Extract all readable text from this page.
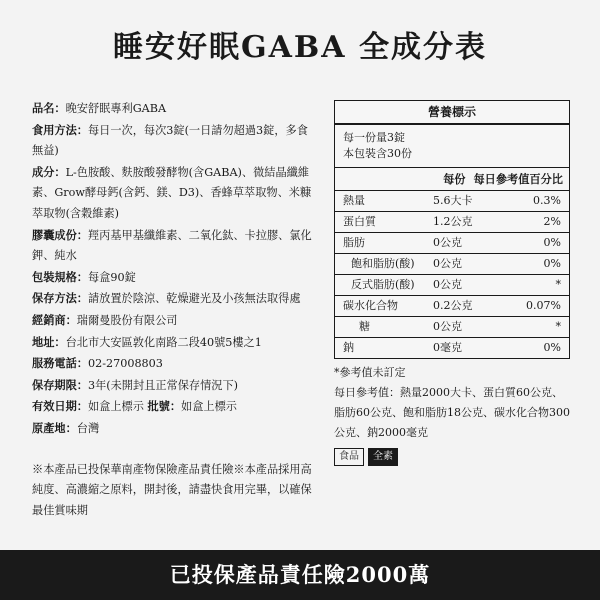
睡安好眠GABA 全成分表
品名：晚安舒眠專利GABA
食用方法：每日一次，每次3錠(一日請勿超過3錠，多食無益)
成分：L-色胺酸、麩胺酸發酵物(含GABA)、微結晶纖維素、Grow酵母鈣(含鈣、鎂、D3)、香蜂草萃取物、米糠萃取物(含穀維素)
膠囊成份：羥丙基甲基纖維素、二氧化鈦、卡拉膠、氯化鉀、純水
包裝規格：每盒90錠
保存方法：請放置於陰涼、乾燥避光及小孩無法取得處
經銷商：瑞爾曼股份有限公司
地址：台北市大安區敦化南路二段40號5樓之1
服務電話：02-27008803
保存期限：3年(未開封且正常保存情況下)
有效日期：如盒上標示 批號：如盒上標示
原產地：台灣
※本產品已投保華南產物保險產品責任險※本產品採用高純度、高濃縮之原料，開封後，請盡快食用完畢，以確保最佳賞味期
營養標示
每一份量3錠
本包裝含30份
每份 每日參考值百分比
熱量	5.6大卡	0.3%
蛋白質	1.2公克	2%
脂肪	0公克	0%
飽和脂肪(酸)	0公克	0%
反式脂肪(酸)	0公克	*
碳水化合物	0.2公克	0.07%
糖	0公克	*
鈉	0毫克	0%
*參考值未訂定
每日參考值：熱量2000大卡、蛋白質60公克、脂肪60公克、飽和脂肪18公克、碳水化合物300公克、鈉2000毫克
食品	全素
已投保產品責任險2000萬
